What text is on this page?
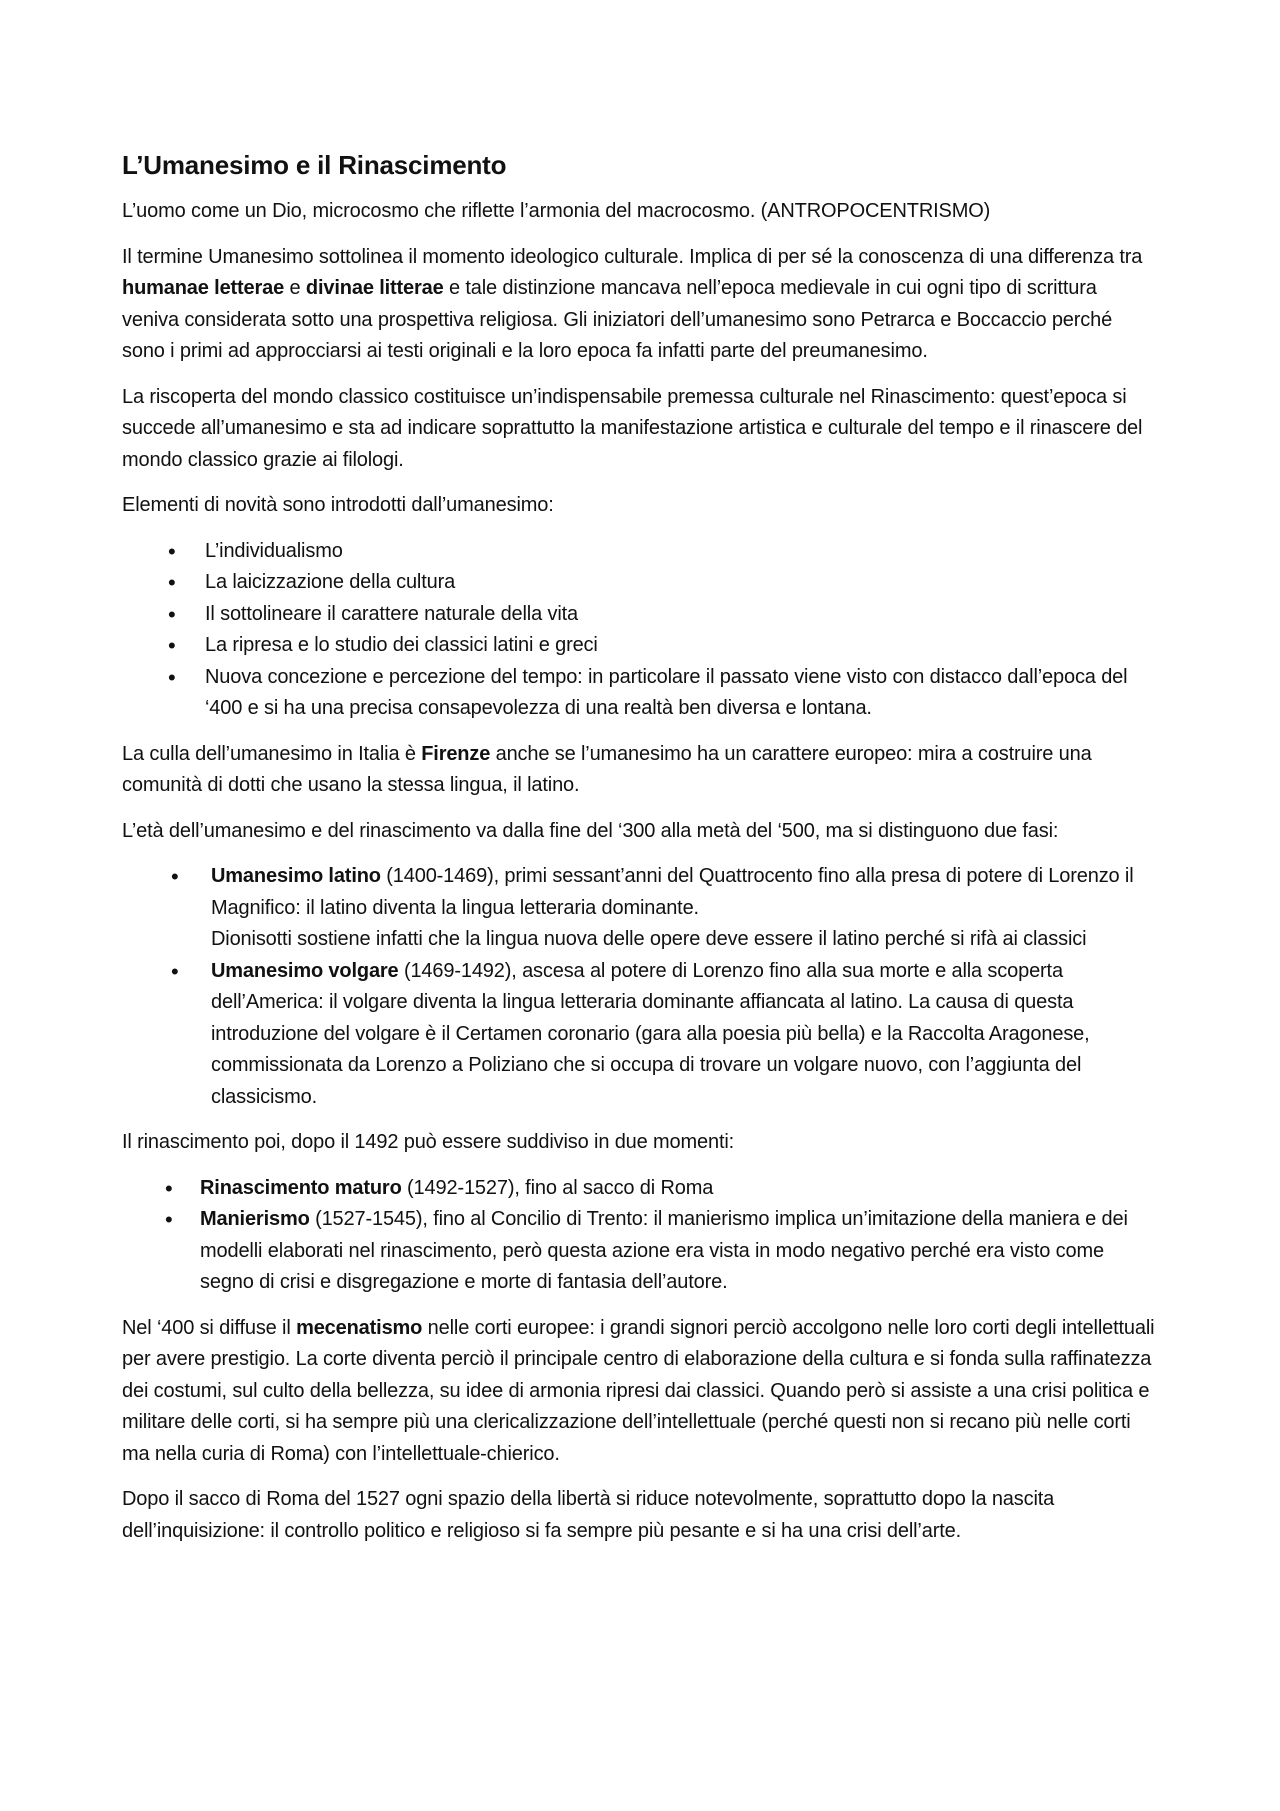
L’Umanesimo e il Rinascimento

L’uomo come un Dio, microcosmo che riflette l’armonia del macrocosmo. (ANTROPOCENTRISMO)

Il termine Umanesimo sottolinea il momento ideologico culturale. Implica di per sé la conoscenza di una differenza tra humanae letterae e divinae litterae e tale distinzione mancava nell’epoca medievale in cui ogni tipo di scrittura veniva considerata sotto una prospettiva religiosa. Gli iniziatori dell’umanesimo sono Petrarca e Boccaccio perché sono i primi ad approcciarsi ai testi originali e la loro epoca fa infatti parte del preumanesimo.

La riscoperta del mondo classico costituisce un’indispensabile premessa culturale nel Rinascimento: quest’epoca si succede all’umanesimo e sta ad indicare soprattutto la manifestazione artistica e culturale del tempo e il rinascere del mondo classico grazie ai filologi.

Elementi di novità sono introdotti dall’umanesimo:

• L’individualismo
• La laicizzazione della cultura
• Il sottolineare il carattere naturale della vita
• La ripresa e lo studio dei classici latini e greci
• Nuova concezione e percezione del tempo: in particolare il passato viene visto con distacco dall’epoca del ‘400 e si ha una precisa consapevolezza di una realtà ben diversa e lontana.

La culla dell’umanesimo in Italia è Firenze anche se l’umanesimo ha un carattere europeo: mira a costruire una comunità di dotti che usano la stessa lingua, il latino.

L’età dell’umanesimo e del rinascimento va dalla fine del ‘300 alla metà del ‘500, ma si distinguono due fasi:

• Umanesimo latino (1400-1469), primi sessant’anni del Quattrocento fino alla presa di potere di Lorenzo il Magnifico: il latino diventa la lingua letteraria dominante.
Dionisotti sostiene infatti che la lingua nuova delle opere deve essere il latino perché si rifà ai classici
• Umanesimo volgare (1469-1492), ascesa al potere di Lorenzo fino alla sua morte e alla scoperta dell’America: il volgare diventa la lingua letteraria dominante affiancata al latino. La causa di questa introduzione del volgare è il Certamen coronario (gara alla poesia più bella) e la Raccolta Aragonese, commissionata da Lorenzo a Poliziano che si occupa di trovare un volgare nuovo, con l’aggiunta del classicismo.

Il rinascimento poi, dopo il 1492 può essere suddiviso in due momenti:

• Rinascimento maturo (1492-1527), fino al sacco di Roma
• Manierismo (1527-1545), fino al Concilio di Trento: il manierismo implica un’imitazione della maniera e dei modelli elaborati nel rinascimento, però questa azione era vista in modo negativo perché era visto come segno di crisi e disgregazione e morte di fantasia dell’autore.

Nel ‘400 si diffuse il mecenatismo nelle corti europee: i grandi signori perciò accolgono nelle loro corti degli intellettuali per avere prestigio. La corte diventa perciò il principale centro di elaborazione della cultura e si fonda sulla raffinatezza dei costumi, sul culto della bellezza, su idee di armonia ripresi dai classici. Quando però si assiste a una crisi politica e militare delle corti, si ha sempre più una clericalizzazione dell’intellettuale (perché questi non si recano più nelle corti ma nella curia di Roma) con l’intellettuale-chierico.

Dopo il sacco di Roma del 1527 ogni spazio della libertà si riduce notevolmente, soprattutto dopo la nascita dell’inquisizione: il controllo politico e religioso si fa sempre più pesante e si ha una crisi dell’arte.
